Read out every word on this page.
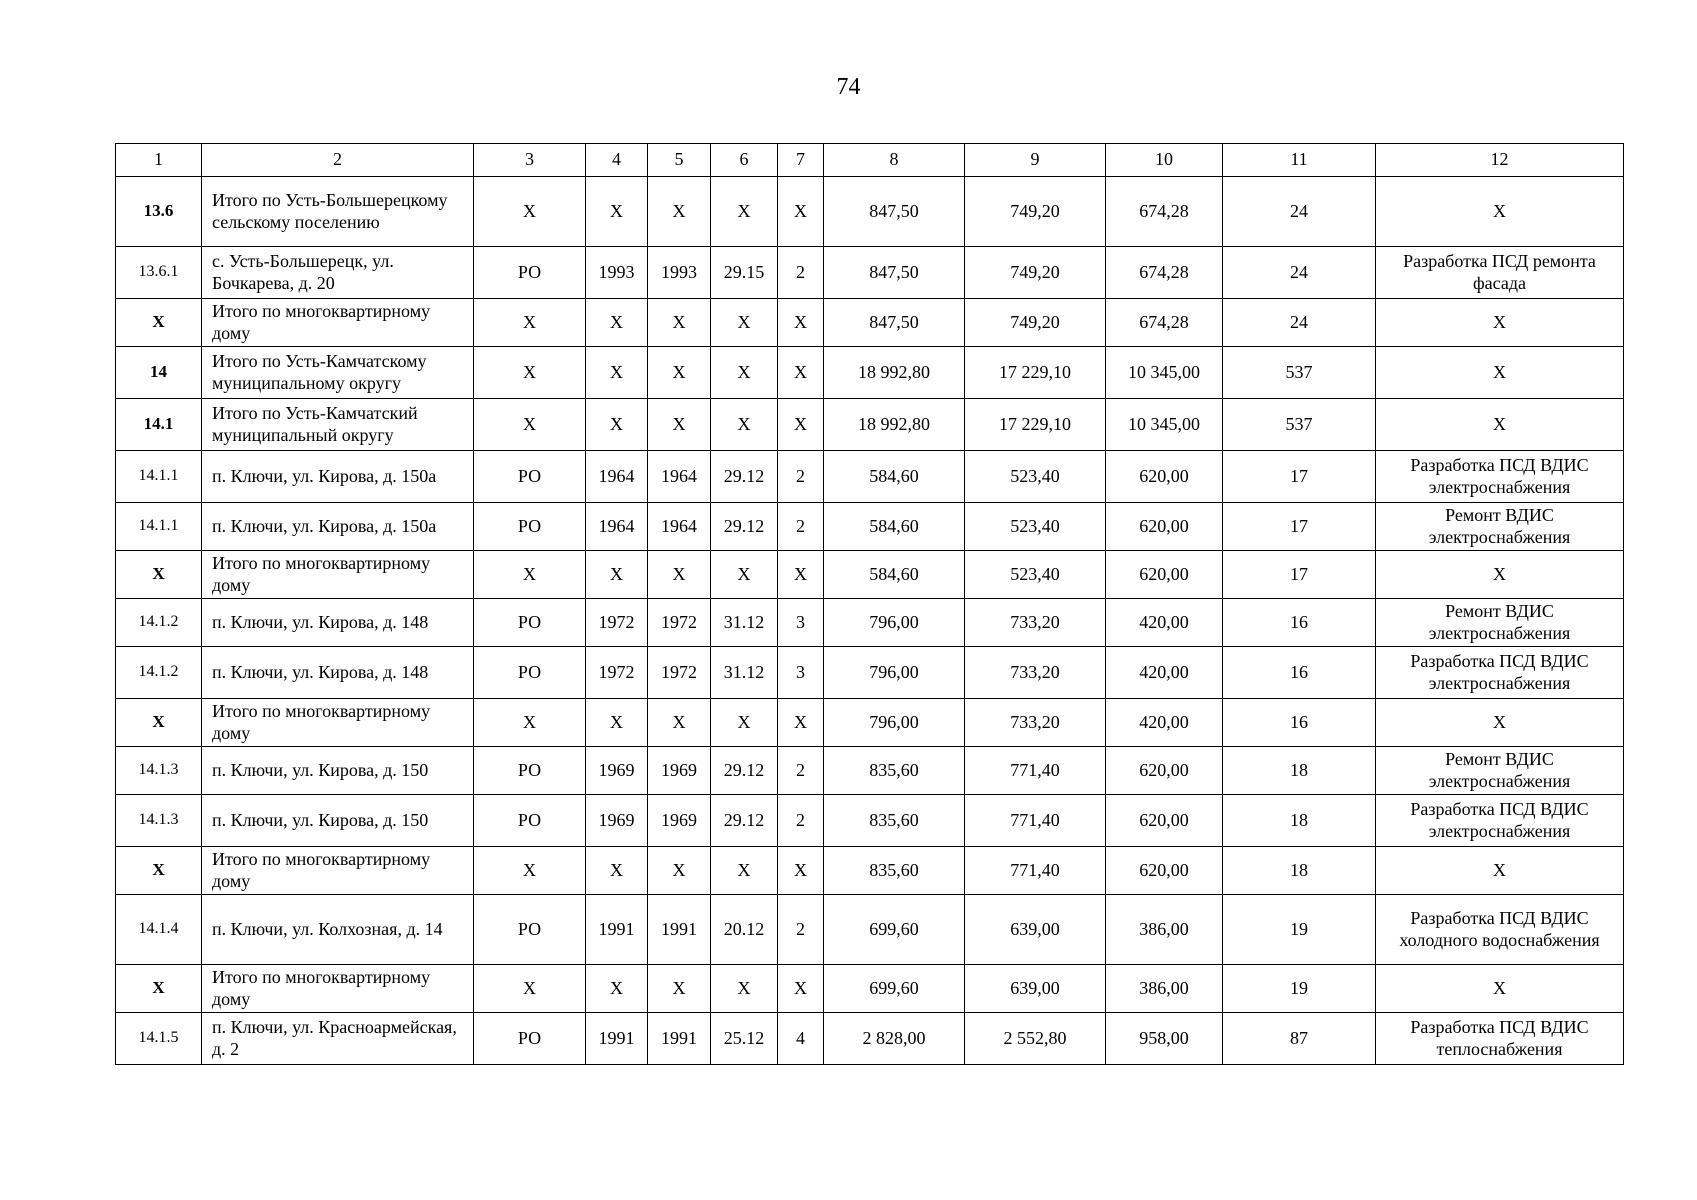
74
1	2	3	4	5	6	7	8	9	10	11	12
13.6	Итого по Усть-Большерецкому сельскому поселению	Х	Х	Х	Х	Х	847,50	749,20	674,28	24	Х
13.6.1	с. Усть-Большерецк, ул. Бочкарева, д. 20	РО	1993	1993	29.15	2	847,50	749,20	674,28	24	Разработка ПСД ремонта фасада
Х	Итого по многоквартирному дому	Х	Х	Х	Х	Х	847,50	749,20	674,28	24	Х
14	Итого по Усть-Камчатскому муниципальному округу	Х	Х	Х	Х	Х	18 992,80	17 229,10	10 345,00	537	Х
14.1	Итого по Усть-Камчатский муниципальный округу	Х	Х	Х	Х	Х	18 992,80	17 229,10	10 345,00	537	Х
14.1.1	п. Ключи, ул. Кирова, д. 150а	РО	1964	1964	29.12	2	584,60	523,40	620,00	17	Разработка ПСД ВДИС электроснабжения
14.1.1	п. Ключи, ул. Кирова, д. 150а	РО	1964	1964	29.12	2	584,60	523,40	620,00	17	Ремонт ВДИС электроснабжения
Х	Итого по многоквартирному дому	Х	Х	Х	Х	Х	584,60	523,40	620,00	17	Х
14.1.2	п. Ключи, ул. Кирова, д. 148	РО	1972	1972	31.12	3	796,00	733,20	420,00	16	Ремонт ВДИС электроснабжения
14.1.2	п. Ключи, ул. Кирова, д. 148	РО	1972	1972	31.12	3	796,00	733,20	420,00	16	Разработка ПСД ВДИС электроснабжения
Х	Итого по многоквартирному дому	Х	Х	Х	Х	Х	796,00	733,20	420,00	16	Х
14.1.3	п. Ключи, ул. Кирова, д. 150	РО	1969	1969	29.12	2	835,60	771,40	620,00	18	Ремонт ВДИС электроснабжения
14.1.3	п. Ключи, ул. Кирова, д. 150	РО	1969	1969	29.12	2	835,60	771,40	620,00	18	Разработка ПСД ВДИС электроснабжения
Х	Итого по многоквартирному дому	Х	Х	Х	Х	Х	835,60	771,40	620,00	18	Х
14.1.4	п. Ключи, ул. Колхозная, д. 14	РО	1991	1991	20.12	2	699,60	639,00	386,00	19	Разработка ПСД ВДИС холодного водоснабжения
Х	Итого по многоквартирному дому	Х	Х	Х	Х	Х	699,60	639,00	386,00	19	Х
14.1.5	п. Ключи, ул. Красноармейская, д. 2	РО	1991	1991	25.12	4	2 828,00	2 552,80	958,00	87	Разработка ПСД ВДИС теплоснабжения
